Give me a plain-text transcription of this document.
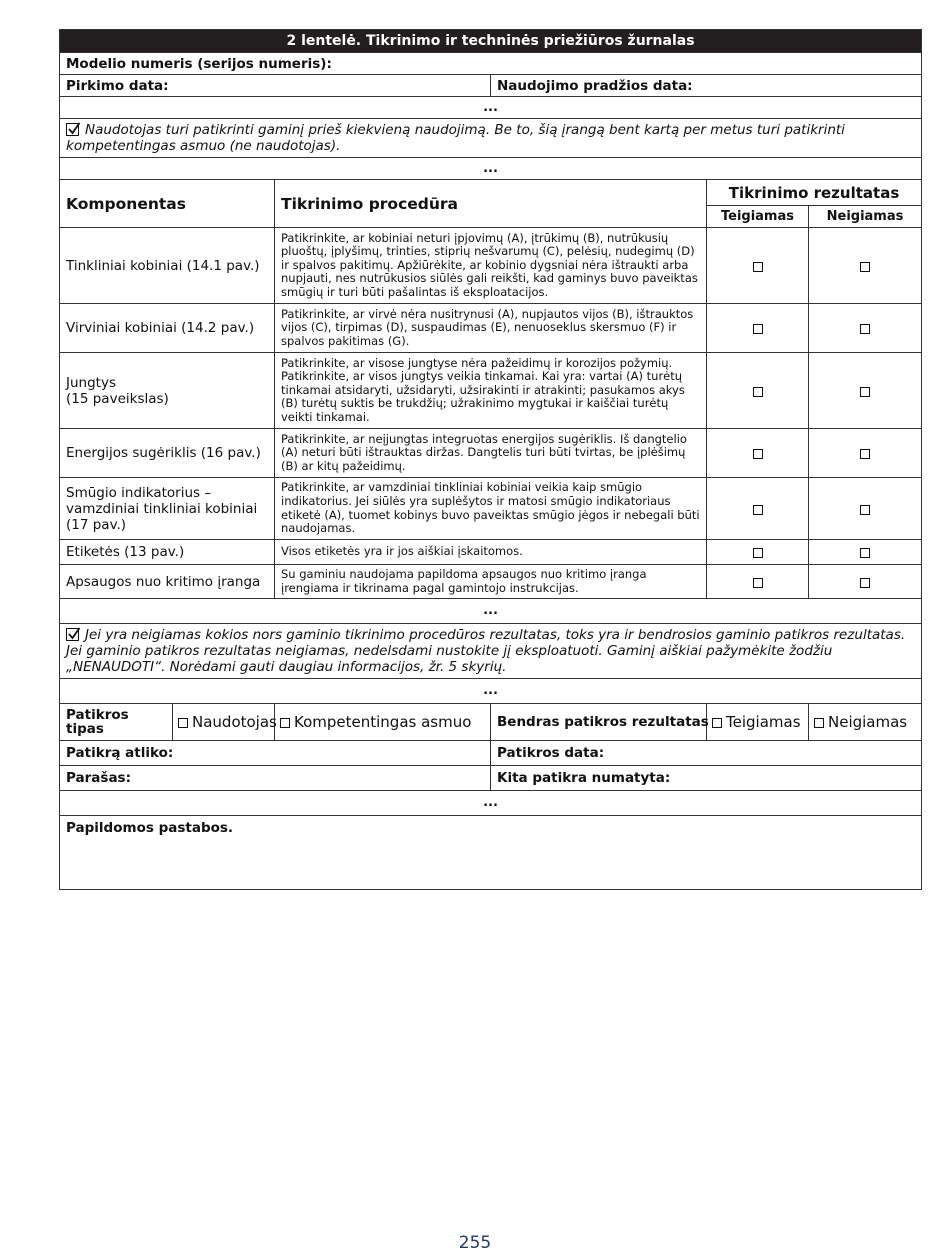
2 lentelė. Tikrinimo ir techninės priežiūros žurnalas					
Modelio numeris (serijos numeris):					
Pirkimo data:			Naudojimo pradžios data:		
...					

Naudotojas turi patikrinti gaminį prieš kiekvieną naudojimą. Be to, šią įrangą bent kartą per metus turi patikrinti kompetentingas asmuo (ne naudotojas).					
...					
Komponentas		Tikrinimo procedūra		Tikrinimo rezultatas	
				Teigiamas	Neigiamas
Tinkliniai kobiniai (14.1 pav.)		Patikrinkite, ar kobiniai neturi įpjovimų (A), įtrūkimų (B), nutrūkusių pluoštų, įplyšimų, trinties, stiprių nešvarumų (C), pelėsių, nudegimų (D) ir spalvos pakitimų. Apžiūrėkite, ar kobinio dygsniai nėra ištraukti arba nupjauti, nes nutrūkusios siūlės gali reikšti, kad gaminys buvo paveiktas smūgių ir turi būti pašalintas iš eksploatacijos.			
Virviniai kobiniai (14.2 pav.)		Patikrinkite, ar virvė nėra nusitrynusi (A), nupjautos vijos (B), ištrauktos vijos (C), tirpimas (D), suspaudimas (E), nenuoseklus skersmuo (F) ir spalvos pakitimas (G).			
Jungtys
(15 paveikslas)		Patikrinkite, ar visose jungtyse nėra pažeidimų ir korozijos požymių. Patikrinkite, ar visos jungtys veikia tinkamai. Kai yra: vartai (A) turėtų tinkamai atsidaryti, užsidaryti, užsirakinti ir atrakinti; pasukamos akys (B) turėtų suktis be trukdžių; užrakinimo mygtukai ir kaiščiai turėtų veikti tinkamai.			
Energijos sugėriklis (16 pav.)		Patikrinkite, ar neįjungtas integruotas energijos sugėriklis. Iš dangtelio (A) neturi būti ištrauktas diržas. Dangtelis turi būti tvirtas, be įplėšimų (B) ar kitų pažeidimų.			
Smūgio indikatorius – vamzdiniai tinkliniai kobiniai (17 pav.)		Patikrinkite, ar vamzdiniai tinkliniai kobiniai veikia kaip smūgio indikatorius. Jei siūlės yra suplėšytos ir matosi smūgio indikatoriaus etiketė (A), tuomet kobinys buvo paveiktas smūgio jėgos ir nebegali būti naudojamas.			
Etiketės (13 pav.)		Visos etiketės yra ir jos aiškiai įskaitomos.			
Apsaugos nuo kritimo įranga		Su gaminiu naudojama papildoma apsaugos nuo kritimo įranga įrengiama ir tikrinama pagal gamintojo instrukcijas.			
...					

Jei yra neigiamas kokios nors gaminio tikrinimo procedūros rezultatas, toks yra ir bendrosios gaminio patikros rezultatas. Jei gaminio patikros rezultatas neigiamas, nedelsdami nustokite jį eksploatuoti. Gaminį aiškiai pažymėkite žodžiu „NENAUDOTI“. Norėdami gauti daugiau informacijos, žr. 5 skyrių.					
...					
Patikros tipas	Naudotojas	Kompetentingas asmuo	Bendras patikros rezultatas	Teigiamas	Neigiamas
Patikrą atliko:			Patikros data:		
Parašas:			Kita patikra numatyta:		
...					
Papildomos pastabos.					
255
